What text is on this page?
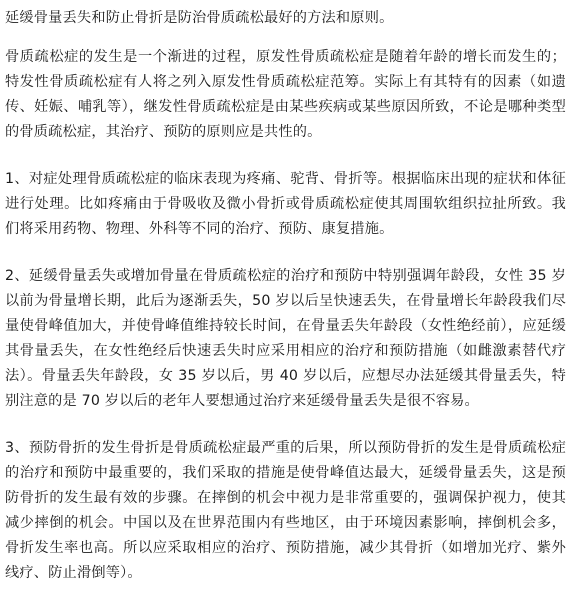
延缓骨量丢失和防止骨折是防治骨质疏松最好的方法和原则。

骨质疏松症的发生是一个渐进的过程，原发性骨质疏松症是随着年龄的增长而发生的；特发性骨质疏松症有人将之列入原发性骨质疏松症范筹。实际上有其特有的因素（如遗传、妊娠、哺乳等），继发性骨质疏松症是由某些疾病或某些原因所致，不论是哪种类型的骨质疏松症，其治疗、预防的原则应是共性的。

1、对症处理骨质疏松症的临床表现为疼痛、驼背、骨折等。根据临床出现的症状和体征进行处理。比如疼痛由于骨吸收及微小骨折或骨质疏松症使其周围软组织拉扯所致。我们将采用药物、物理、外科等不同的治疗、预防、康复措施。

2、延缓骨量丢失或增加骨量在骨质疏松症的治疗和预防中特别强调年龄段，女性 35 岁以前为骨量增长期，此后为逐渐丢失，50 岁以后呈快速丢失，在骨量增长年龄段我们尽量使骨峰值加大，并使骨峰值维持较长时间，在骨量丢失年龄段（女性绝经前），应延缓其骨量丢失，在女性绝经后快速丢失时应采用相应的治疗和预防措施（如雌激素替代疗法）。骨量丢失年龄段，女 35 岁以后，男 40 岁以后，应想尽办法延缓其骨量丢失，特别注意的是 70 岁以后的老年人要想通过治疗来延缓骨量丢失是很不容易。

3、预防骨折的发生骨折是骨质疏松症最严重的后果，所以预防骨折的发生是骨质疏松症的治疗和预防中最重要的，我们采取的措施是使骨峰值达最大，延缓骨量丢失，这是预防骨折的发生最有效的步骤。在摔倒的机会中视力是非常重要的，强调保护视力，使其减少摔倒的机会。中国以及在世界范围内有些地区，由于环境因素影响，摔倒机会多，骨折发生率也高。所以应采取相应的治疗、预防措施，减少其骨折（如增加光疗、紫外线疗、防止滑倒等）。
